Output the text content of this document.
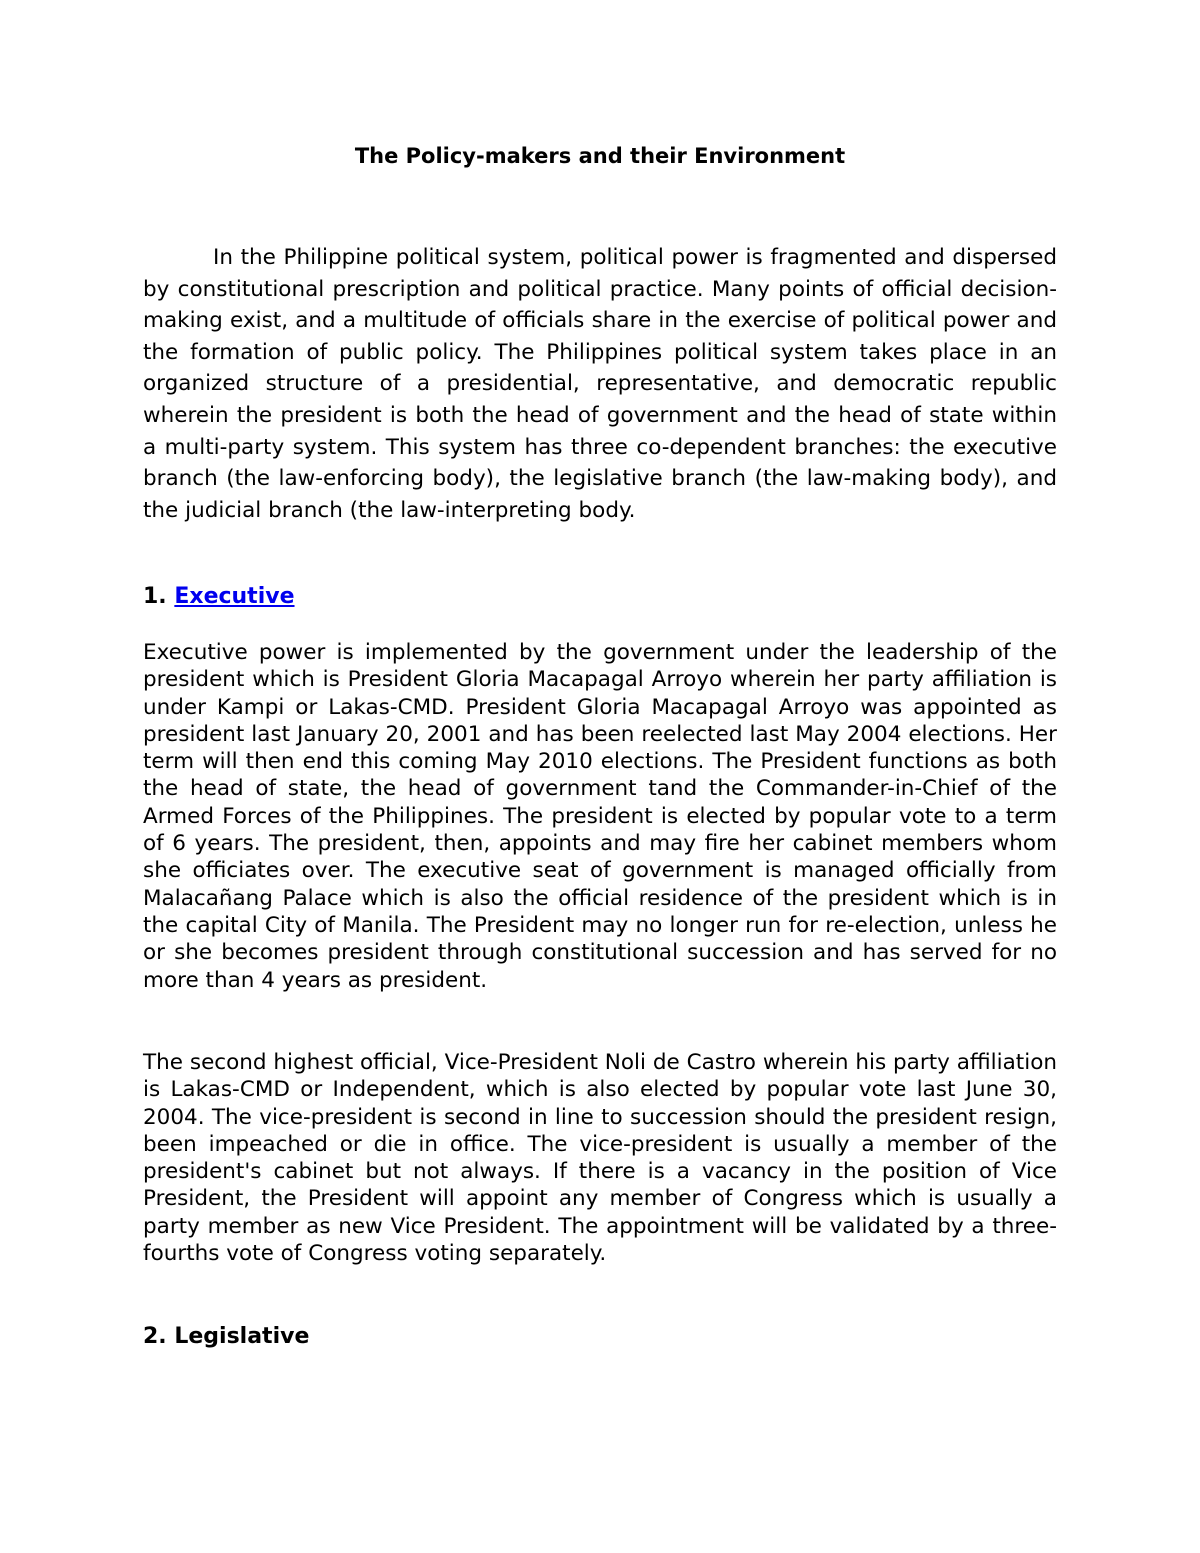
The Policy-makers and their Environment

In the Philippine political system, political power is fragmented and dispersed by constitutional prescription and political practice. Many points of official decision-making exist, and a multitude of officials share in the exercise of political power and the formation of public policy. The Philippines political system takes place in an organized structure of a presidential, representative, and democratic republic wherein the president is both the head of government and the head of state within a multi-party system. This system has three co-dependent branches: the executive branch (the law-enforcing body), the legislative branch (the law-making body), and the judicial branch (the law-interpreting body.

1. Executive

Executive power is implemented by the government under the leadership of the president which is President Gloria Macapagal Arroyo wherein her party affiliation is under Kampi or Lakas-CMD. President Gloria Macapagal Arroyo was appointed as president last January 20, 2001 and has been reelected last May 2004 elections. Her term will then end this coming May 2010 elections. The President functions as both the head of state, the head of government tand the Commander-in-Chief of the Armed Forces of the Philippines. The president is elected by popular vote to a term of 6 years. The president, then, appoints and may fire her cabinet members whom she officiates over. The executive seat of government is managed officially from Malacañang Palace which is also the official residence of the president which is in the capital City of Manila. The President may no longer run for re-election, unless he or she becomes president through constitutional succession and has served for no more than 4 years as president.

The second highest official, Vice-President Noli de Castro wherein his party affiliation is Lakas-CMD or Independent, which is also elected by popular vote last June 30, 2004. The vice-president is second in line to succession should the president resign, been impeached or die in office. The vice-president is usually a member of the president's cabinet but not always. If there is a vacancy in the position of Vice President, the President will appoint any member of Congress which is usually a party member as new Vice President. The appointment will be validated by a three-fourths vote of Congress voting separately.

2. Legislative
